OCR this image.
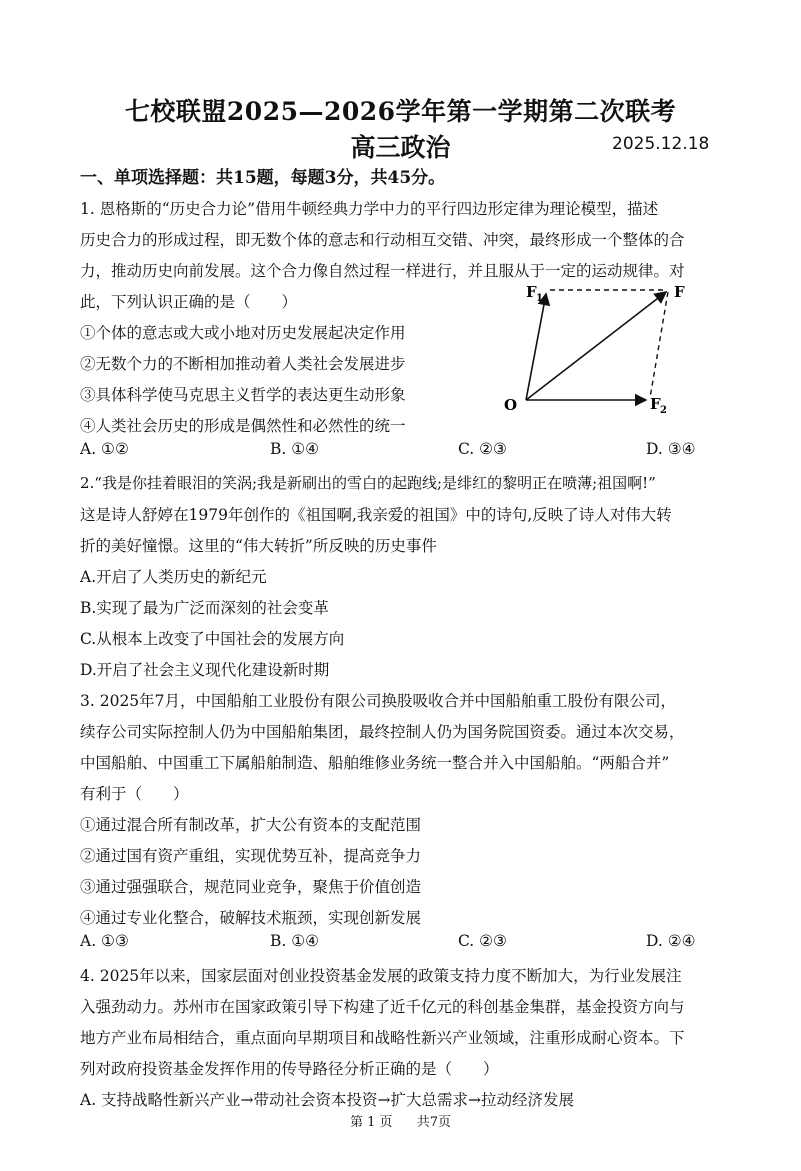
七校联盟2025—2026学年第一学期第二次联考
高三政治	2025.12.18
一、单项选择题：共15题，每题3分，共45分。
1. 恩格斯的“历史合力论”借用牛顿经典力学中力的平行四边形定律为理论模型，描述
历史合力的形成过程，即无数个体的意志和行动相互交错、冲突，最终形成一个整体的合
力，推动历史向前发展。这个合力像自然过程一样进行，并且服从于一定的运动规律。对
此，下列认识正确的是（　　）
①个体的意志或大或小地对历史发展起决定作用
②无数个力的不断相加推动着人类社会发展进步
③具体科学使马克思主义哲学的表达更生动形象
④人类社会历史的形成是偶然性和必然性的统一
O
F 1	F
F 2
A. ①②	B. ①④	C. ②③	D. ③④
2.“我是你挂着眼泪的笑涡;我是新刷出的雪白的起跑线;是绯红的黎明正在喷薄;祖国啊!”
这是诗人舒婷在1979年创作的《祖国啊,我亲爱的祖国》中的诗句,反映了诗人对伟大转
折的美好憧憬。这里的“伟大转折”所反映的历史事件
A.开启了人类历史的新纪元
B.实现了最为广泛而深刻的社会变革
C.从根本上改变了中国社会的发展方向
D.开启了社会主义现代化建设新时期
3. 2025年7月，中国船舶工业股份有限公司换股吸收合并中国船舶重工股份有限公司，
续存公司实际控制人仍为中国船舶集团，最终控制人仍为国务院国资委。通过本次交易，
中国船舶、中国重工下属船舶制造、船舶维修业务统一整合并入中国船舶。“两船合并”
有利于（　　）
①通过混合所有制改革，扩大公有资本的支配范围
②通过国有资产重组，实现优势互补，提高竞争力
③通过强强联合，规范同业竞争，聚焦于价值创造
④通过专业化整合，破解技术瓶颈，实现创新发展
A. ①③	B. ①④	C. ②③	D. ②④
4. 2025年以来，国家层面对创业投资基金发展的政策支持力度不断加大，为行业发展注
入强劲动力。苏州市在国家政策引导下构建了近千亿元的科创基金集群，基金投资方向与
地方产业布局相结合，重点面向早期项目和战略性新兴产业领域，注重形成耐心资本。下
列对政府投资基金发挥作用的传导路径分析正确的是（　　）
A. 支持战略性新兴产业→带动社会资本投资→扩大总需求→拉动经济发展
第 1 页 共7页
